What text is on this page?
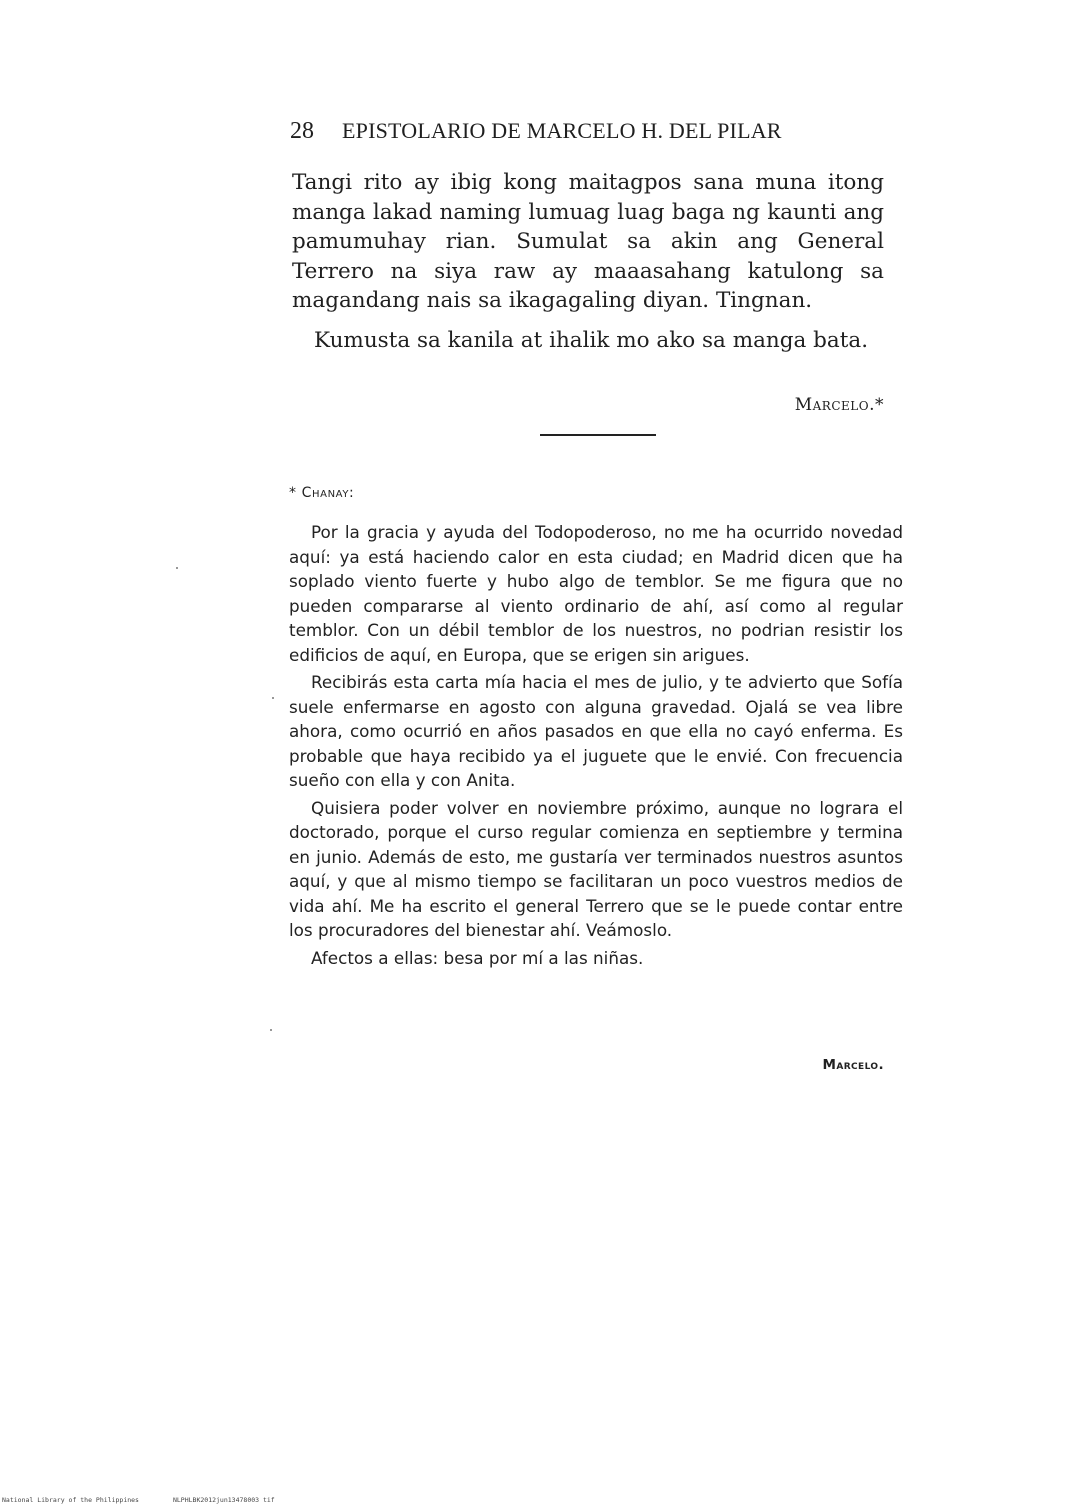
28 EPISTOLARIO DE MARCELO H. DEL PILAR

Tangi rito ay ibig kong maitagpos sana muna itong manga lakad naming lumuag luag baga ng kaunti ang pamumuhay rian. Sumulat sa akin ang General Terrero na siya raw ay maaasahang katulong sa magandang nais sa ikagagaling diyan. Tingnan.

Kumusta sa kanila at ihalik mo ako sa manga bata.

Marcelo.*
* Chanay:

Por la gracia y ayuda del Todopoderoso, no me ha ocurrido novedad aquí: ya está haciendo calor en esta ciudad; en Madrid dicen que ha soplado viento fuerte y hubo algo de temblor. Se me figura que no pueden compararse al viento ordinario de ahí, así como al regular temblor. Con un débil temblor de los nuestros, no podrian resistir los edificios de aquí, en Europa, que se erigen sin arigues.

Recibirás esta carta mía hacia el mes de julio, y te advierto que Sofía suele enfermarse en agosto con alguna gravedad. Ojalá se vea libre ahora, como ocurrió en años pasados en que ella no cayó enferma. Es probable que haya recibido ya el juguete que le envié. Con frecuencia sueño con ella y con Anita.

Quisiera poder volver en noviembre próximo, aunque no lograra el doctorado, porque el curso regular comienza en septiembre y termina en junio. Además de esto, me gustaría ver terminados nuestros asuntos aquí, y que al mismo tiempo se facilitaran un poco vuestros medios de vida ahí. Me ha escrito el general Terrero que se le puede contar entre los procuradores del bienestar ahí. Veámoslo.

Afectos a ellas: besa por mí a las niñas.

Marcelo.
National Library of the Philippines	NLPHLBK2012jun13478003 tif
